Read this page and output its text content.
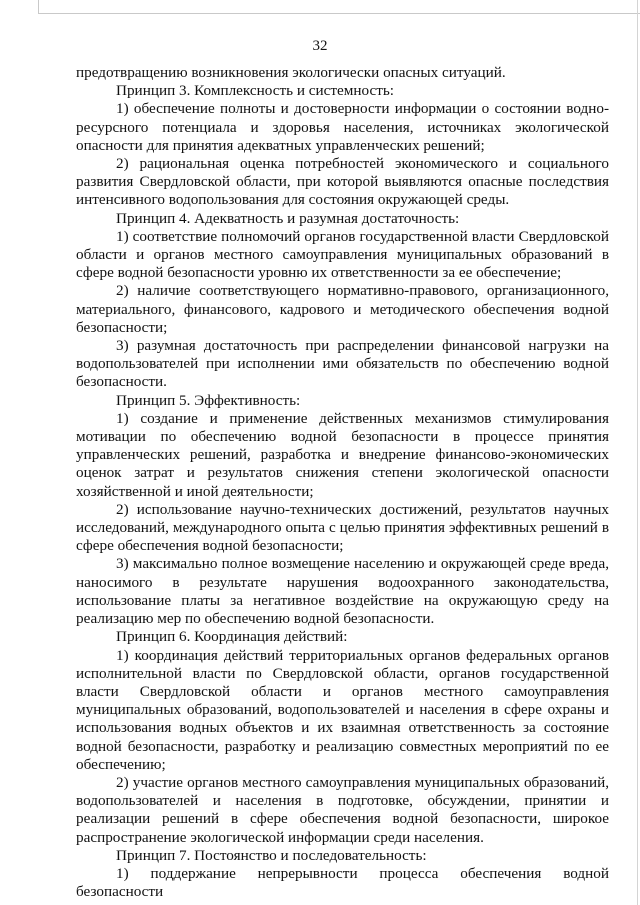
32

предотвращению возникновения экологически опасных ситуаций.

Принцип 3. Комплексность и системность:

1) обеспечение полноты и достоверности информации о состоянии водно-ресурсного потенциала и здоровья населения, источниках экологической опасности для принятия адекватных управленческих решений;

2) рациональная оценка потребностей экономического и социального развития Свердловской области, при которой выявляются опасные последствия интенсивного водопользования для состояния окружающей среды.

Принцип 4. Адекватность и разумная достаточность:

1) соответствие полномочий органов государственной власти Свердловской области и органов местного самоуправления муниципальных образований в сфере водной безопасности уровню их ответственности за ее обеспечение;

2) наличие соответствующего нормативно-правового, организационного, материального, финансового, кадрового и методического обеспечения водной безопасности;

3) разумная достаточность при распределении финансовой нагрузки на водопользователей при исполнении ими обязательств по обеспечению водной безопасности.

Принцип 5. Эффективность:

1) создание и применение действенных механизмов стимулирования мотивации по обеспечению водной безопасности в процессе принятия управленческих решений, разработка и внедрение финансово-экономических оценок затрат и результатов снижения степени экологической опасности хозяйственной и иной деятельности;

2) использование научно-технических достижений, результатов научных исследований, международного опыта с целью принятия эффективных решений в сфере обеспечения водной безопасности;

3) максимально полное возмещение населению и окружающей среде вреда, наносимого в результате нарушения водоохранного законодательства, использование платы за негативное воздействие на окружающую среду на реализацию мер по обеспечению водной безопасности.

Принцип 6. Координация действий:

1) координация действий территориальных органов федеральных органов исполнительной власти по Свердловской области, органов государственной власти Свердловской области и органов местного самоуправления муниципальных образований, водопользователей и населения в сфере охраны и использования водных объектов и их взаимная ответственность за состояние водной безопасности, разработку и реализацию совместных мероприятий по ее обеспечению;

2) участие органов местного самоуправления муниципальных образований, водопользователей и населения в подготовке, обсуждении, принятии и реализации решений в сфере обеспечения водной безопасности, широкое распространение экологической информации среди населения.

Принцип 7. Постоянство и последовательность:

1) поддержание непрерывности процесса обеспечения водной безопасности
